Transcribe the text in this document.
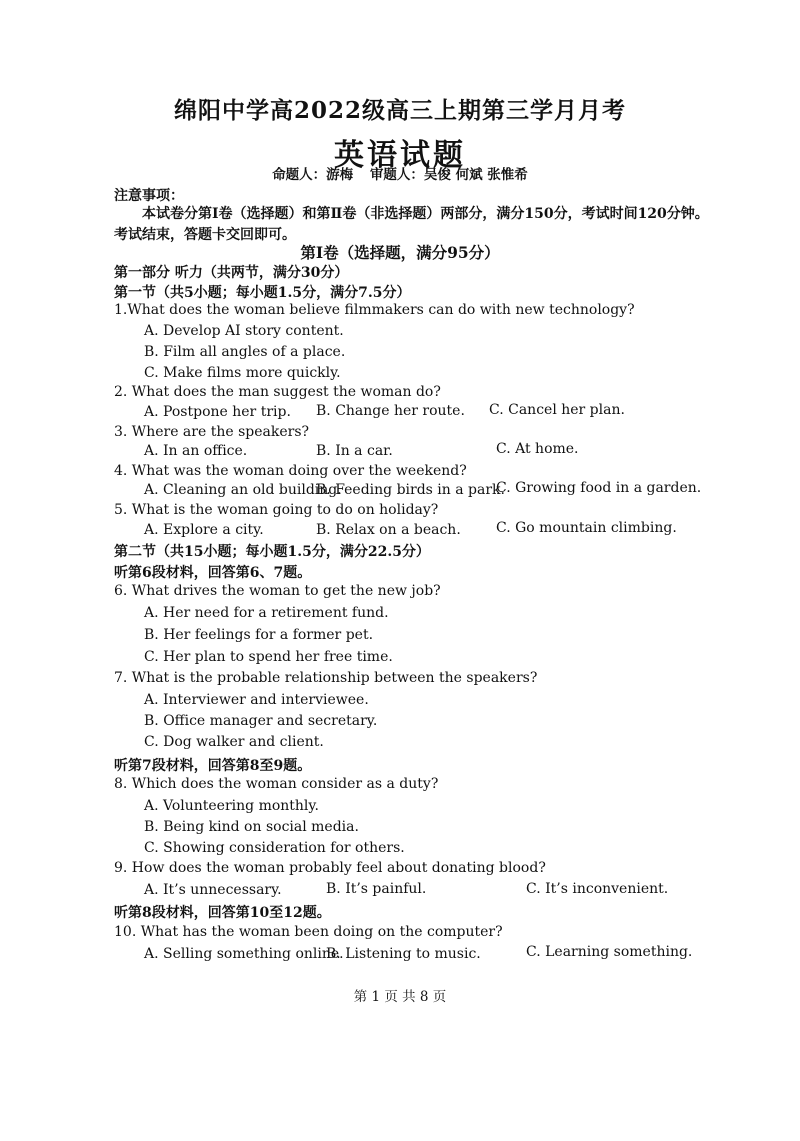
绵阳中学高2022级高三上期第三学月月考
英语试题
命题人：游梅 审题人：吴俊 何斌 张惟希
注意事项：
本试卷分第Ⅰ卷（选择题）和第Ⅱ卷（非选择题）两部分，满分150分，考试时间120分钟。考试结束，答题卡交回即可。
第Ⅰ卷（选择题，满分95分）
第一部分 听力（共两节，满分30分）
第一节（共5小题；每小题1.5分，满分7.5分）
1.What does the woman believe filmmakers can do with new technology?
A. Develop AI story content.
B. Film all angles of a place.
C. Make films more quickly.
2. What does the man suggest the woman do?
A. Postpone her trip. B. Change her route. C. Cancel her plan.
3. Where are the speakers?
A. In an office.	B. In a car.	C. At home.
4. What was the woman doing over the weekend?
A. Cleaning an old building.
B. Feeding birds in a park.
C. Growing food in a garden.
5. What is the woman going to do on holiday?
A. Explore a city.	B. Relax on a beach.	C. Go mountain climbing.
第二节（共15小题；每小题1.5分，满分22.5分）
听第6段材料，回答第6、7题。
6. What drives the woman to get the new job?
A. Her need for a retirement fund.
B. Her feelings for a former pet.
C. Her plan to spend her free time.
7. What is the probable relationship between the speakers?
A. Interviewer and interviewee.
B. Office manager and secretary.
C. Dog walker and client.
听第7段材料，回答第8至9题。
8. Which does the woman consider as a duty?
A. Volunteering monthly.
B. Being kind on social media.
C. Showing consideration for others.
9. How does the woman probably feel about donating blood?
A. It’s unnecessary.	B. It’s painful.	C. It’s inconvenient.
听第8段材料，回答第10至12题。
10. What has the woman been doing on the computer?
A. Selling something online.
B. Listening to music.	C. Learning something.
第 1 页 共 8 页
